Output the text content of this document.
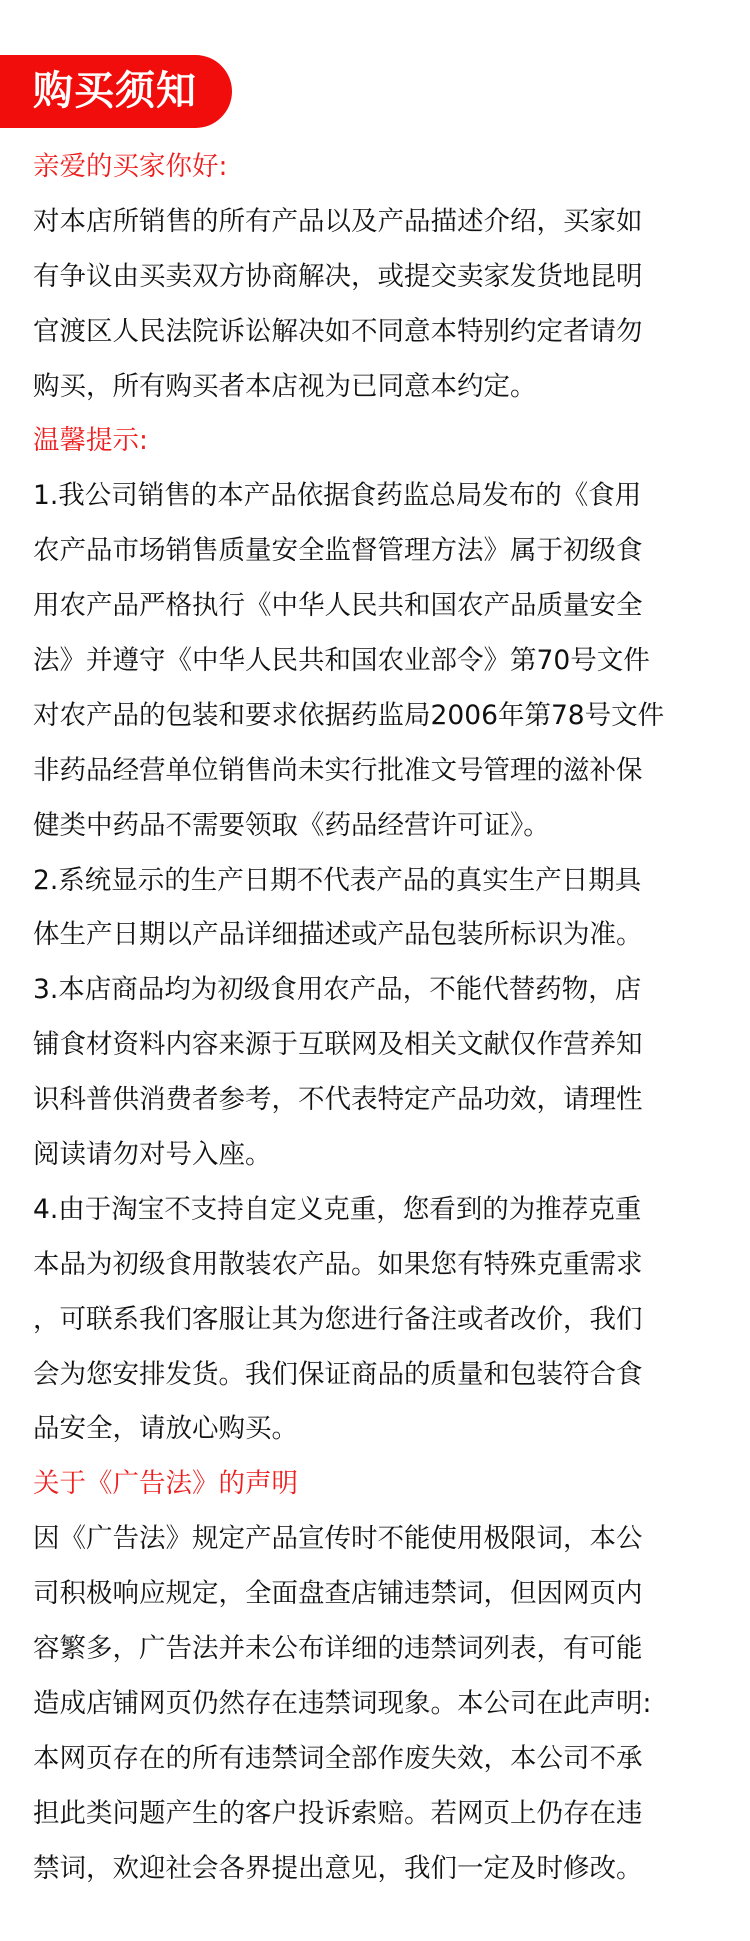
购买须知
亲爱的买家你好:
对本店所销售的所有产品以及产品描述介绍，买家如
有争议由买卖双方协商解决，或提交卖家发货地昆明
官渡区人民法院诉讼解决如不同意本特别约定者请勿
购买，所有购买者本店视为已同意本约定。
温馨提示:
1.我公司销售的本产品依据食药监总局发布的《食用
农产品市场销售质量安全监督管理方法》属于初级食
用农产品严格执行《中华人民共和国农产品质量安全
法》并遵守《中华人民共和国农业部令》第70号文件
对农产品的包装和要求依据药监局2006年第78号文件
非药品经营单位销售尚未实行批准文号管理的滋补保
健类中药品不需要领取《药品经营许可证》。
2.系统显示的生产日期不代表产品的真实生产日期具
体生产日期以产品详细描述或产品包装所标识为准。
3.本店商品均为初级食用农产品，不能代替药物，店
铺食材资料内容来源于互联网及相关文献仅作营养知
识科普供消费者参考，不代表特定产品功效，请理性
阅读请勿对号入座。
4.由于淘宝不支持自定义克重，您看到的为推荐克重
本品为初级食用散装农产品。如果您有特殊克重需求
，可联系我们客服让其为您进行备注或者改价，我们
会为您安排发货。我们保证商品的质量和包装符合食
品安全，请放心购买。
关于《广告法》的声明
因《广告法》规定产品宣传时不能使用极限词，本公
司积极响应规定，全面盘查店铺违禁词，但因网页内
容繁多，广告法并未公布详细的违禁词列表，有可能
造成店铺网页仍然存在违禁词现象。本公司在此声明:
本网页存在的所有违禁词全部作废失效，本公司不承
担此类问题产生的客户投诉索赔。若网页上仍存在违
禁词，欢迎社会各界提出意见，我们一定及时修改。
